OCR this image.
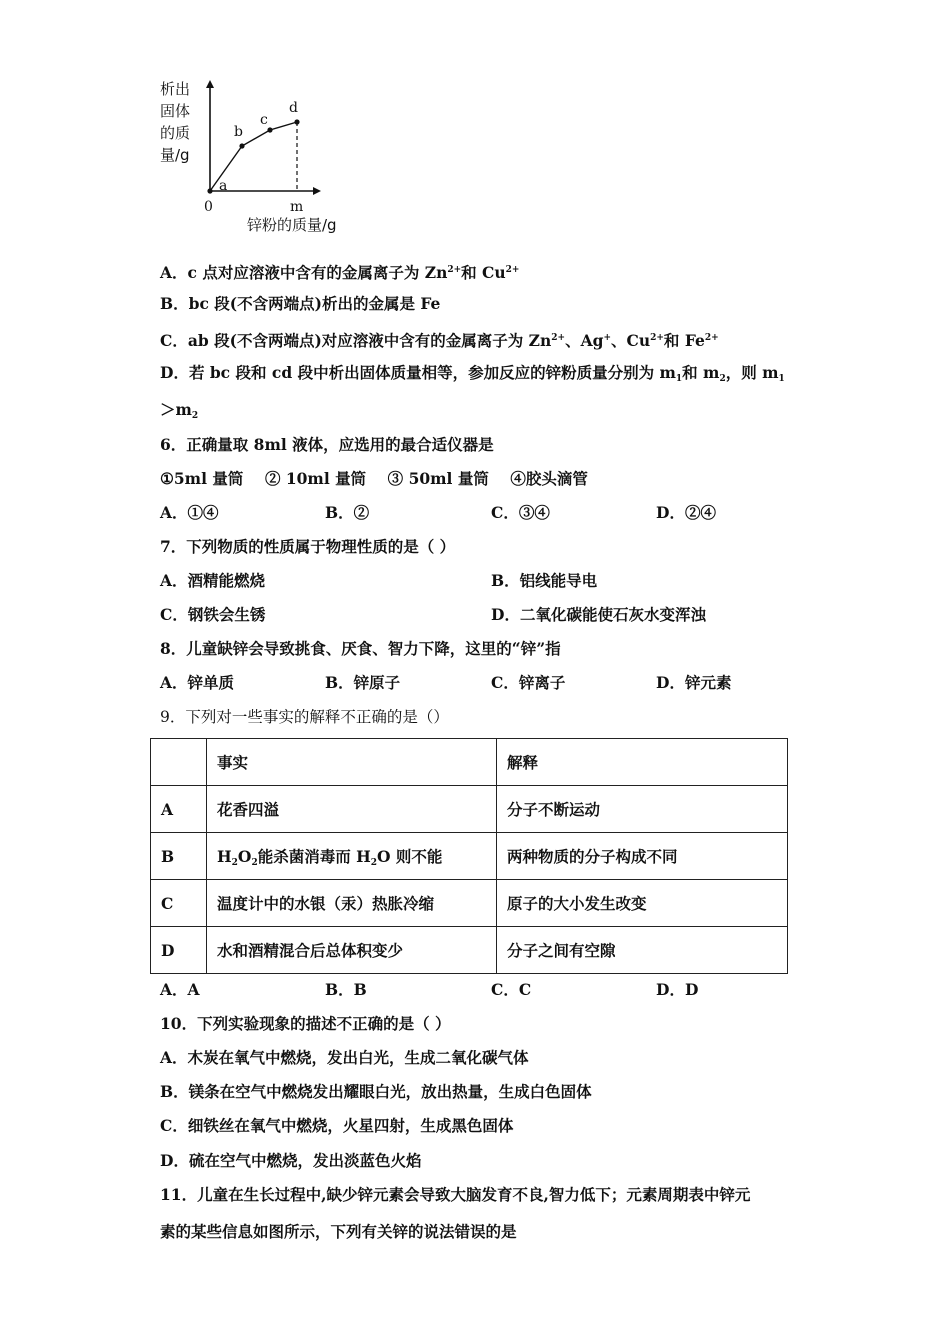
析出
固体
的质
量/g
a
b
c
d
0	m
锌粉的质量/g
A．c 点对应溶液中含有的金属离子为 $Zn^{2+}$和 $Cu^{2+}$
B．bc 段(不含两端点)析出的金属是 Fe
C．ab 段(不含两端点)对应溶液中含有的金属离子为 $Zn^{2+}$、Ag+、$Cu^{2+}$和 $Fe^{2+}$
D．若 bc 段和 cd 段中析出固体质量相等，参加反应的锌粉质量分别为 $m_1$和 $m_2$，则 $m_1$
$>m_2$
6．正确量取 8ml 液体，应选用的最合适仪器是
①5ml 量筒    ② 10ml 量筒    ③ 50ml 量筒    ④胶头滴管
A．①④	B．②	C．③④	D．②④
7．下列物质的性质属于物理性质的是（ ）
A．酒精能燃烧	B．铝线能导电
C．钢铁会生锈	D．二氧化碳能使石灰水变浑浊
8．儿童缺锌会导致挑食、厌食、智力下降，这里的“锌”指
A．锌单质	B．锌原子	C．锌离子	D．锌元素
9．下列对一些事实的解释不正确的是（）
	事实	解释
A	花香四溢	分子不断运动
B	$H_2O_2$能杀菌消毒而 $H_2O$ 则不能	两种物质的分子构成不同
C	温度计中的水银（汞）热胀冷缩	原子的大小发生改变
D	水和酒精混合后总体积变少	分子之间有空隙
A．A	B．B	C．C	D．D
10．下列实验现象的描述不正确的是（ ）
A．木炭在氧气中燃烧，发出白光，生成二氧化碳气体
B．镁条在空气中燃烧发出耀眼白光，放出热量，生成白色固体
C．细铁丝在氧气中燃烧，火星四射，生成黑色固体
D．硫在空气中燃烧，发出淡蓝色火焰
11．儿童在生长过程中,缺少锌元素会导致大脑发育不良,智力低下；元素周期表中锌元
素的某些信息如图所示，下列有关锌的说法错误的是
